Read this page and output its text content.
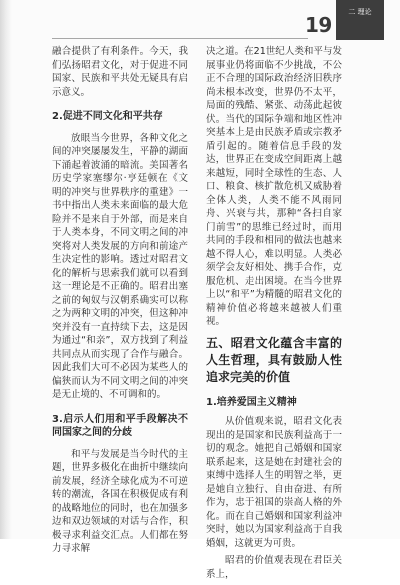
19
二 理论

融合提供了有利条件。今天，我们弘扬昭君文化，对于促进不同国家、民族和平共处无疑具有启示意义。

2.促进不同文化和平共存

放眼当今世界，各种文化之间的冲突屡屡发生，平静的湖面下涌起着波涌的暗流。美国著名历史学家塞缪尔·亨廷顿在《文明的冲突与世界秩序的重建》一书中指出人类未来面临的最大危险并不是来自于外部，而是来自于人类本身，不同文明之间的冲突将对人类发展的方向和前途产生决定性的影响。透过对昭君文化的解析与思索我们就可以看到这一理论是不正确的。昭君出塞之前的匈奴与汉朝系确实可以称之为两种文明的冲突，但这种冲突并没有一直持续下去，这是因为通过“和亲”，双方找到了利益共同点从而实现了合作与融合。因此我们大可不必因为某些人的偏狭而认为不同文明之间的冲突是无止境的、不可调和的。

3.启示人们用和平手段解决不同国家之间的分歧

和平与发展是当今时代的主题，世界多极化在曲折中继续向前发展，经济全球化成为不可逆转的潮流，各国在积极促成有利的战略地位的同时，也在加强多边和双边领域的对话与合作，积极寻求利益交汇点。人们都在努力寻求解

决之道。在21世纪人类和平与发展事业仍将面临不少挑战，不公正不合理的国际政治经济旧秩序尚未根本改变，世界仍不太平，局面的残酷、紧张、动荡此起彼伏。当代的国际争端和地区性冲突基本上是由民族矛盾或宗教矛盾引起的。随着信息手段的发达，世界正在变成空间距离上越来越短，同时全球性的生态、人口、粮食、核扩散危机又威胁着全体人类，人类不能不风雨同舟、兴衰与共，那种“各扫自家门前雪”的思维已经过时，而用共同的手段和相同的做法也越来越不得人心，难以明显。人类必须学会友好相处、携手合作，克服危机、走出困境。在当今世界上以“和平”为精髓的昭君文化的精神价值必将越来越被人们重视。

五、昭君文化蕴含丰富的人生哲理，具有鼓励人性追求完美的价值
1.培养爱国主义精神

从价值观来说，昭君文化表现出的是国家和民族利益高于一切的观念。她把自己婚姻和国家联系起来，这是她在封建社会的束缚中选择人生的明智之举，更是她自立独行、自由奋进、有所作为，忠于祖国的崇高人格的外化。而在自己婚姻和国家利益冲突时，她以为国家利益高于自我婚姻，这就更为可贵。

昭君的价值观表现在君臣关系上，
